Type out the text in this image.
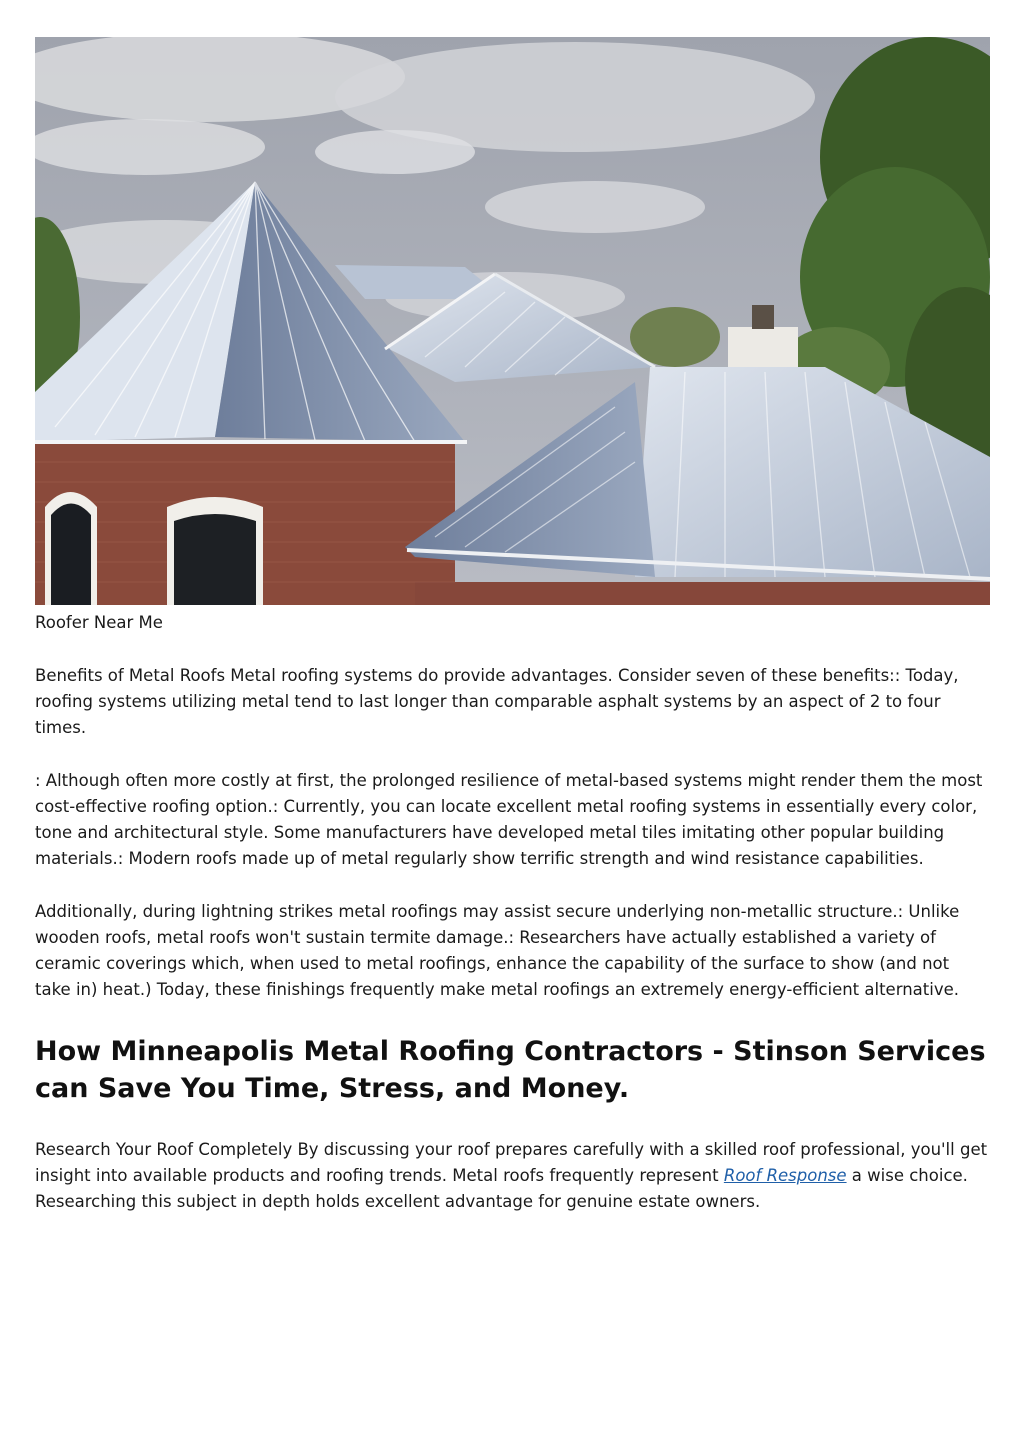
Roofer Near Me

Benefits of Metal Roofs Metal roofing systems do provide advantages. Consider seven of these benefits:: Today, roofing systems utilizing metal tend to last longer than comparable asphalt systems by an aspect of 2 to four times.

: Although often more costly at first, the prolonged resilience of metal-based systems might render them the most cost-effective roofing option.: Currently, you can locate excellent metal roofing systems in essentially every color, tone and architectural style. Some manufacturers have developed metal tiles imitating other popular building materials.: Modern roofs made up of metal regularly show terrific strength and wind resistance capabilities.

Additionally, during lightning strikes metal roofings may assist secure underlying non-metallic structure.: Unlike wooden roofs, metal roofs won't sustain termite damage.: Researchers have actually established a variety of ceramic coverings which, when used to metal roofings, enhance the capability of the surface to show (and not take in) heat.) Today, these finishings frequently make metal roofings an extremely energy-efficient alternative.

How Minneapolis Metal Roofing Contractors - Stinson Services can Save You Time, Stress, and Money.

Research Your Roof Completely By discussing your roof prepares carefully with a skilled roof professional, you'll get insight into available products and roofing trends. Metal roofs frequently represent Roof Response a wise choice. Researching this subject in depth holds excellent advantage for genuine estate owners.
